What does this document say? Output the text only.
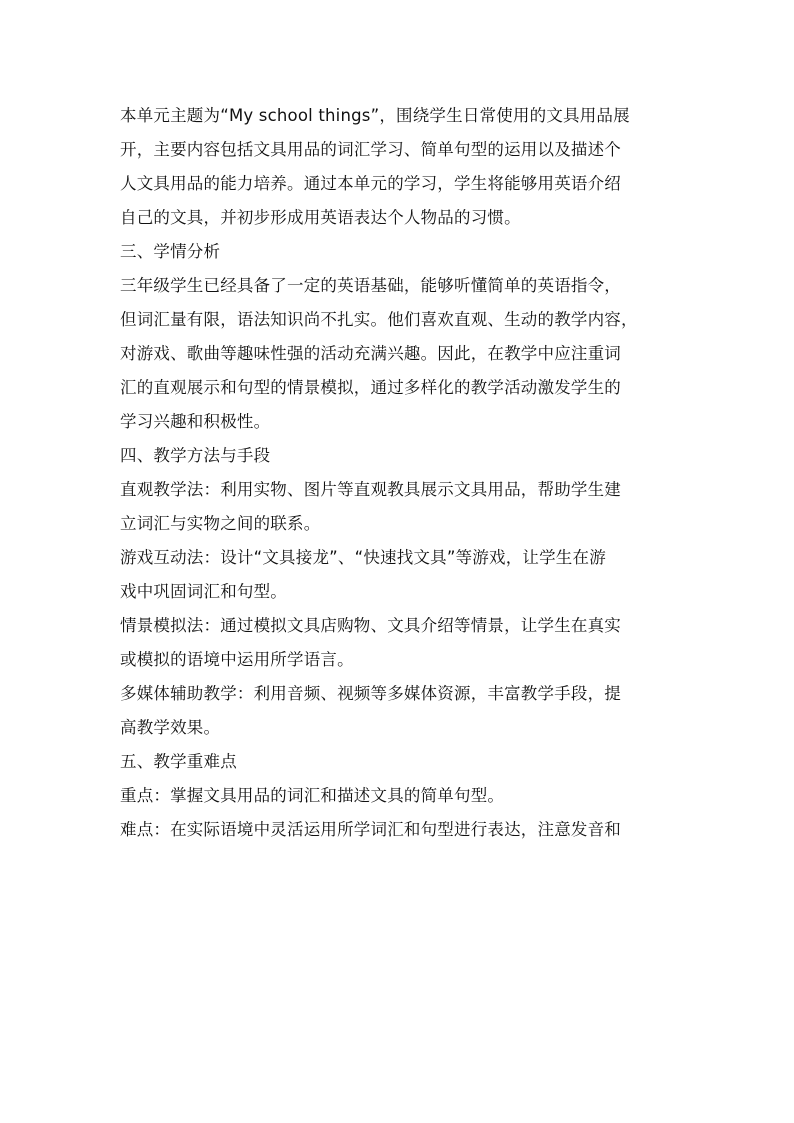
本单元主题为“My school things”，围绕学生日常使用的文具用品展

开，主要内容包括文具用品的词汇学习、简单句型的运用以及描述个

人文具用品的能力培养。通过本单元的学习，学生将能够用英语介绍

自己的文具，并初步形成用英语表达个人物品的习惯。

三、学情分析

三年级学生已经具备了一定的英语基础，能够听懂简单的英语指令，

但词汇量有限，语法知识尚不扎实。他们喜欢直观、生动的教学内容，

对游戏、歌曲等趣味性强的活动充满兴趣。因此，在教学中应注重词

汇的直观展示和句型的情景模拟，通过多样化的教学活动激发学生的

学习兴趣和积极性。

四、教学方法与手段

直观教学法：利用实物、图片等直观教具展示文具用品，帮助学生建

立词汇与实物之间的联系。

游戏互动法：设计“文具接龙”、“快速找文具”等游戏，让学生在游

戏中巩固词汇和句型。

情景模拟法：通过模拟文具店购物、文具介绍等情景，让学生在真实

或模拟的语境中运用所学语言。

多媒体辅助教学：利用音频、视频等多媒体资源，丰富教学手段，提

高教学效果。

五、教学重难点

重点：掌握文具用品的词汇和描述文具的简单句型。

难点：在实际语境中灵活运用所学词汇和句型进行表达，注意发音和
